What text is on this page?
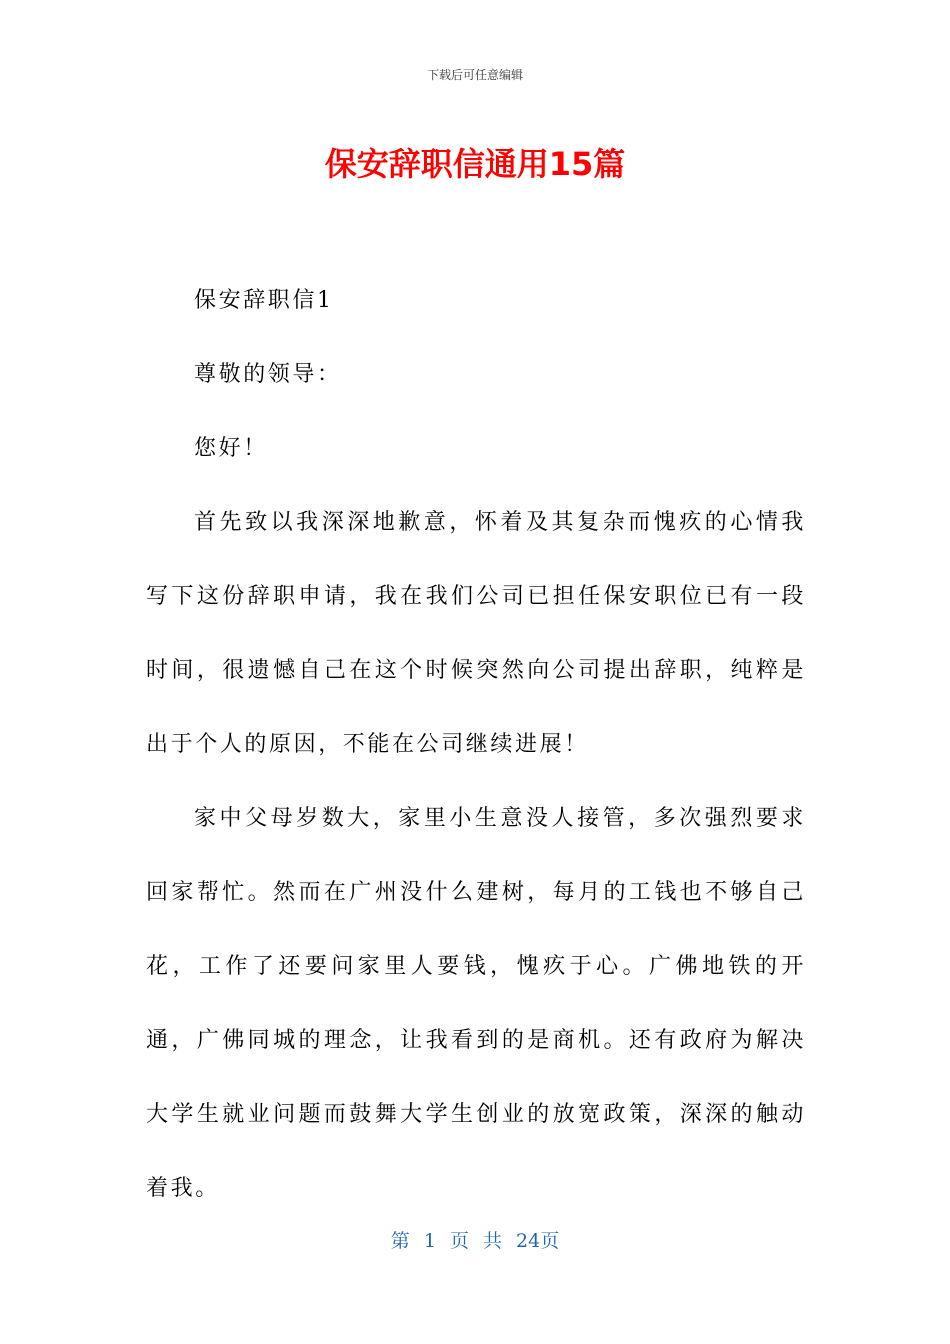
下载后可任意编辑
保安辞职信通用15篇

保安辞职信1

尊敬的领导：

您好！

首先致以我深深地歉意，怀着及其复杂而愧疚的心情我写下这份辞职申请，我在我们公司已担任保安职位已有一段时间，很遗憾自己在这个时候突然向公司提出辞职，纯粹是出于个人的原因，不能在公司继续进展！

家中父母岁数大，家里小生意没人接管，多次强烈要求回家帮忙。然而在广州没什么建树，每月的工钱也不够自己花，工作了还要问家里人要钱，愧疚于心。广佛地铁的开通，广佛同城的理念，让我看到的是商机。还有政府为解决大学生就业问题而鼓舞大学生创业的放宽政策，深深的触动着我。

第 1 页 共 24页
